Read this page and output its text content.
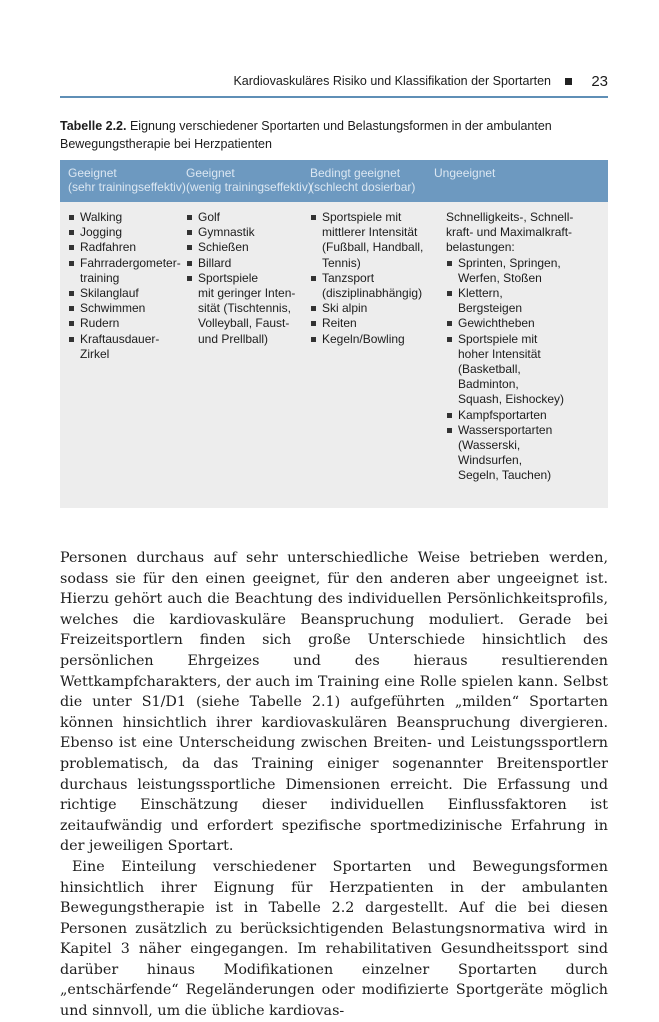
Kardiovaskuläres Risiko und Klassifikation der Sportarten	23
Tabelle 2.2. Eignung verschiedener Sportarten und Belastungsformen in der ambulanten Bewegungstherapie bei Herzpatienten
Geeignet
(sehr trainingseffektiv)
Geeignet
(wenig trainingseffektiv)
Bedingt geeignet
(schlecht dosierbar)
Ungeeignet
Walking
Jogging
Radfahren
Fahrradergometer-
training
Skilanglauf
Schwimmen
Rudern
Kraftausdauer-
Zirkel
Golf
Gymnastik
Schießen
Billard
Sportspiele
mit geringer Inten-
sität (Tischtennis,
Volleyball, Faust-
und Prellball)
Sportspiele mit
mittlerer Intensität
(Fußball, Handball,
Tennis)
Tanzsport
(disziplinabhängig)
Ski alpin
Reiten
Kegeln/Bowling
Schnelligkeits-, Schnell-
kraft- und Maximalkraft-
belastungen:
Sprinten, Springen,
Werfen, Stoßen
Klettern,
Bergsteigen
Gewichtheben
Sportspiele mit
hoher Intensität
(Basketball,
Badminton,
Squash, Eishockey)
Kampfsportarten
Wassersportarten
(Wasserski,
Windsurfen,
Segeln, Tauchen)

Personen durchaus auf sehr unterschiedliche Weise betrieben werden, sodass sie für den einen geeignet, für den anderen aber ungeeignet ist. Hierzu gehört auch die Beachtung des individuellen Persönlichkeitsprofils, welches die kardiovaskuläre Beanspruchung moduliert. Gerade bei Freizeitsportlern finden sich große Unterschiede hinsichtlich des persönlichen Ehrgeizes und des hieraus resultierenden Wettkampfcharakters, der auch im Training eine Rolle spielen kann. Selbst die unter S1/D1 (siehe Tabelle 2.1) aufgeführten „milden“ Sportarten können hinsichtlich ihrer kardiovaskulären Beanspruchung divergieren. Ebenso ist eine Unterscheidung zwischen Breiten- und Leistungssportlern problematisch, da das Training einiger sogenannter Breitensportler durchaus leistungssportliche Dimensionen erreicht. Die Erfassung und richtige Einschätzung dieser individuellen Einflussfaktoren ist zeitaufwändig und erfordert spezifische sportmedizinische Erfahrung in der jeweiligen Sportart.

Eine Einteilung verschiedener Sportarten und Bewegungsformen hinsichtlich ihrer Eignung für Herzpatienten in der ambulanten Bewegungstherapie ist in Tabelle 2.2 dargestellt. Auf die bei diesen Personen zusätzlich zu berücksichtigenden Belastungsnormativa wird in Kapitel 3 näher eingegangen. Im rehabilitativen Gesundheitssport sind darüber hinaus Modifikationen einzelner Sportarten durch „entschärfende“ Regeländerungen oder modifizierte Sportgeräte möglich und sinnvoll, um die übliche kardiovas-
